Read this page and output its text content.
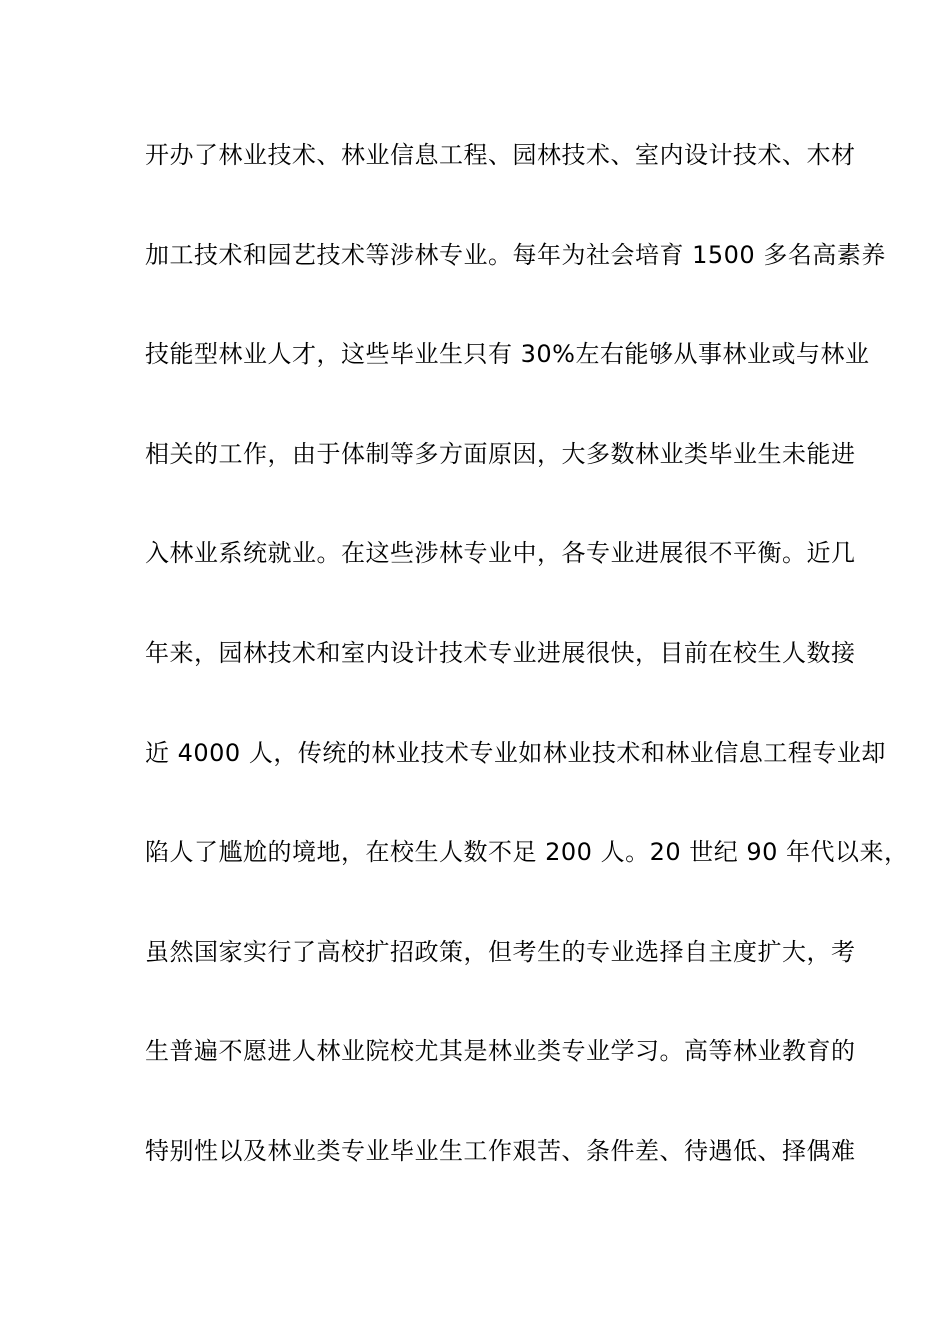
开办了林业技术、林业信息工程、园林技术、室内设计技术、木材

加工技术和园艺技术等涉林专业。每年为社会培育 1500 多名高素养

技能型林业人才，这些毕业生只有 30%左右能够从事林业或与林业

相关的工作，由于体制等多方面原因，大多数林业类毕业生未能进

入林业系统就业。在这些涉林专业中，各专业进展很不平衡。近几

年来，园林技术和室内设计技术专业进展很快，目前在校生人数接

近 4000 人，传统的林业技术专业如林业技术和林业信息工程专业却

陷人了尴尬的境地，在校生人数不足 200 人。20 世纪 90 年代以来，

虽然国家实行了高校扩招政策，但考生的专业选择自主度扩大，考

生普遍不愿进人林业院校尤其是林业类专业学习。高等林业教育的

特别性以及林业类专业毕业生工作艰苦、条件差、待遇低、择偶难
